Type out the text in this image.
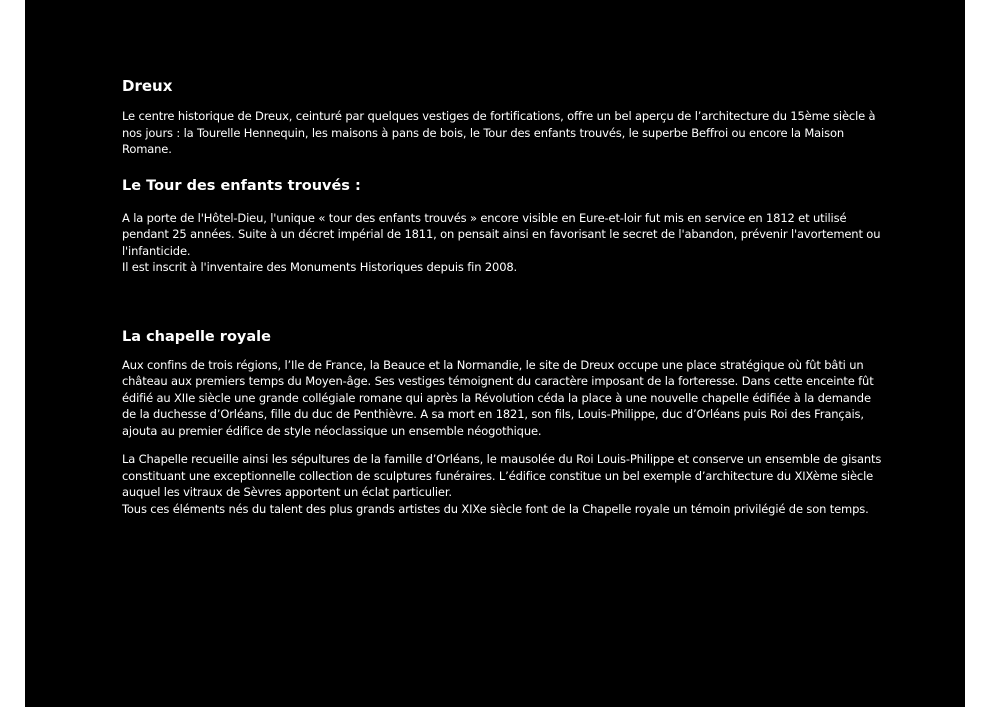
Dreux

Le centre historique de Dreux, ceinturé par quelques vestiges de fortifications, offre un bel aperçu de l’architecture du 15ème siècle à nos jours : la Tourelle Hennequin, les maisons à pans de bois, le Tour des enfants trouvés, le superbe Beffroi ou encore la Maison Romane.

Le Tour des enfants trouvés :

A la porte de l'Hôtel-Dieu, l'unique « tour des enfants trouvés » encore visible en Eure-et-loir fut mis en service en 1812 et utilisé pendant 25 années. Suite à un décret impérial de 1811, on pensait ainsi en favorisant le secret de l'abandon, prévenir l'avortement ou l'infanticide.

Il est inscrit à l'inventaire des Monuments Historiques depuis fin 2008.

La chapelle royale

Aux confins de trois régions, l’Ile de France, la Beauce et la Normandie, le site de Dreux occupe une place stratégique où fût bâti un château aux premiers temps du Moyen-âge. Ses vestiges témoignent du caractère imposant de la forteresse. Dans cette enceinte fût édifié au XIIe siècle une grande collégiale romane qui après la Révolution céda la place à une nouvelle chapelle édifiée à la demande de la duchesse d’Orléans, fille du duc de Penthièvre. A sa mort en 1821, son fils, Louis-Philippe, duc d’Orléans puis Roi des Français, ajouta au premier édifice de style néoclassique un ensemble néogothique.

La Chapelle recueille ainsi les sépultures de la famille d’Orléans, le mausolée du Roi Louis-Philippe et conserve un ensemble de gisants constituant une exceptionnelle collection de sculptures funéraires. L’édifice constitue un bel exemple d’architecture du XIXème siècle auquel les vitraux de Sèvres apportent un éclat particulier.

Tous ces éléments nés du talent des plus grands artistes du XIXe siècle font de la Chapelle royale un témoin privilégié de son temps.
